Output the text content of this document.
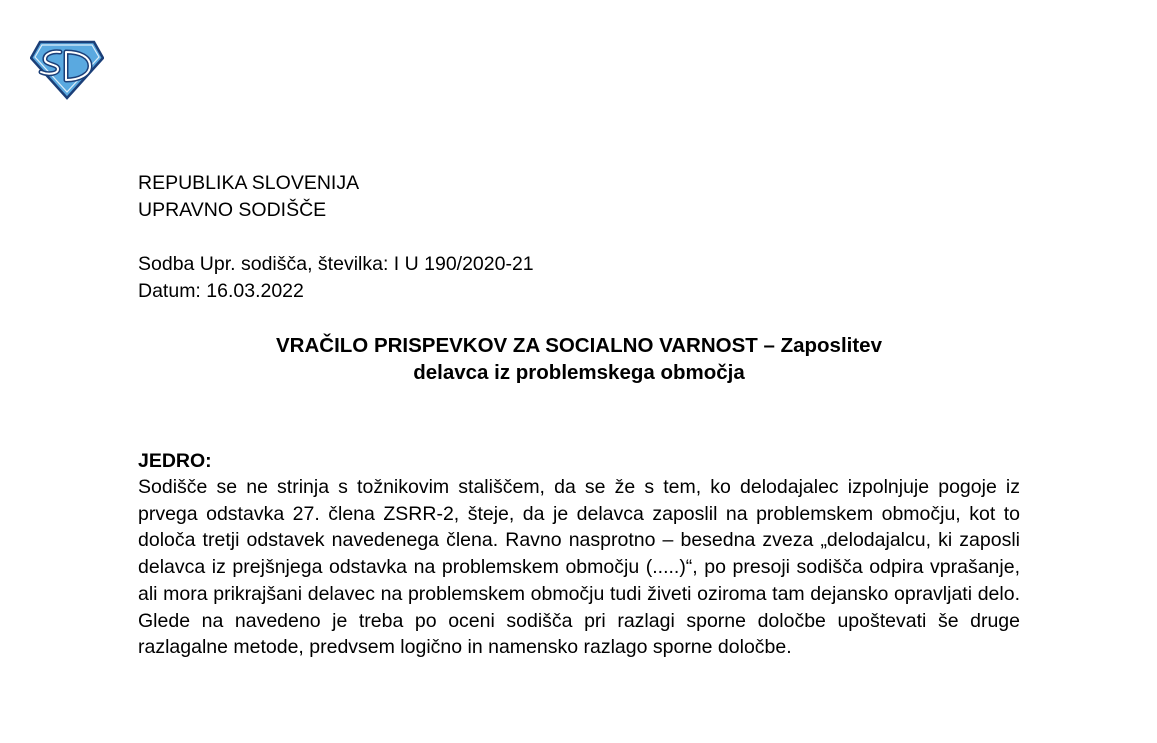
REPUBLIKA SLOVENIJA
UPRAVNO SODIŠČE
Sodba Upr. sodišča, številka: I U 190/2020-21
Datum: 16.03.2022
VRAČILO PRISPEVKOV ZA SOCIALNO VARNOST – Zaposlitev
delavca iz problemskega območja
JEDRO:
Sodišče se ne strinja s tožnikovim stališčem, da se že s tem, ko delodajalec izpolnjuje pogoje iz prvega odstavka 27. člena ZSRR-2, šteje, da je delavca zaposlil na problemskem območju, kot to določa tretji odstavek navedenega člena. Ravno nasprotno – besedna zveza „delodajalcu, ki zaposli delavca iz prejšnjega odstavka na problemskem območju (.....)“, po presoji sodišča odpira vprašanje, ali mora prikrajšani delavec na problemskem območju tudi živeti oziroma tam dejansko opravljati delo. Glede na navedeno je treba po oceni sodišča pri razlagi sporne določbe upoštevati še druge razlagalne metode, predvsem logično in namensko razlago sporne določbe.
